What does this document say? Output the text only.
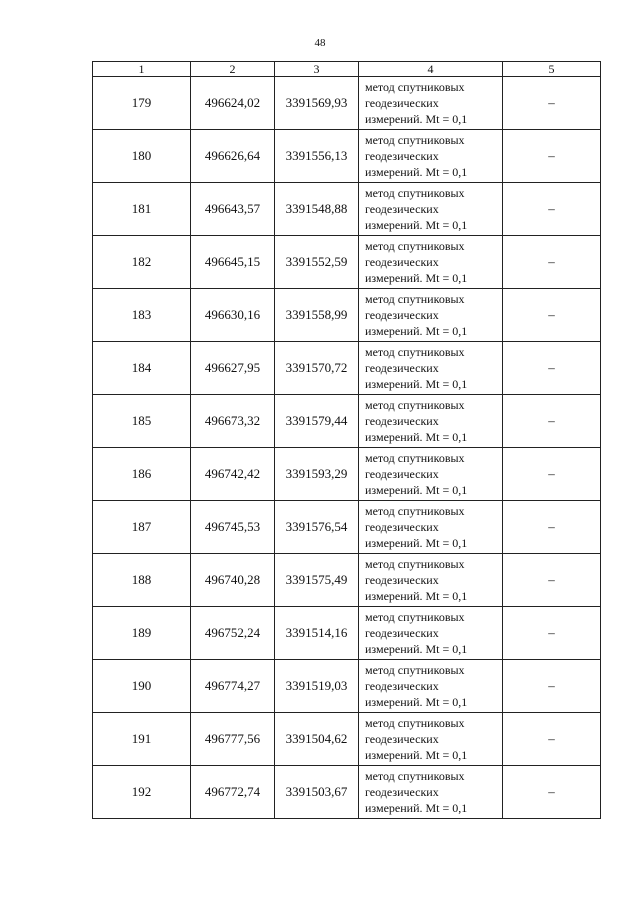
48
1	2	3	4	5
179	496624,02	3391569,93	метод спутниковых
геодезических
измерений. Mt = 0,1	–
180	496626,64	3391556,13	метод спутниковых
геодезических
измерений. Mt = 0,1	–
181	496643,57	3391548,88	метод спутниковых
геодезических
измерений. Mt = 0,1	–
182	496645,15	3391552,59	метод спутниковых
геодезических
измерений. Mt = 0,1	–
183	496630,16	3391558,99	метод спутниковых
геодезических
измерений. Mt = 0,1	–
184	496627,95	3391570,72	метод спутниковых
геодезических
измерений. Mt = 0,1	–
185	496673,32	3391579,44	метод спутниковых
геодезических
измерений. Mt = 0,1	–
186	496742,42	3391593,29	метод спутниковых
геодезических
измерений. Mt = 0,1	–
187	496745,53	3391576,54	метод спутниковых
геодезических
измерений. Mt = 0,1	–
188	496740,28	3391575,49	метод спутниковых
геодезических
измерений. Mt = 0,1	–
189	496752,24	3391514,16	метод спутниковых
геодезических
измерений. Mt = 0,1	–
190	496774,27	3391519,03	метод спутниковых
геодезических
измерений. Mt = 0,1	–
191	496777,56	3391504,62	метод спутниковых
геодезических
измерений. Mt = 0,1	–
192	496772,74	3391503,67	метод спутниковых
геодезических
измерений. Mt = 0,1	–
